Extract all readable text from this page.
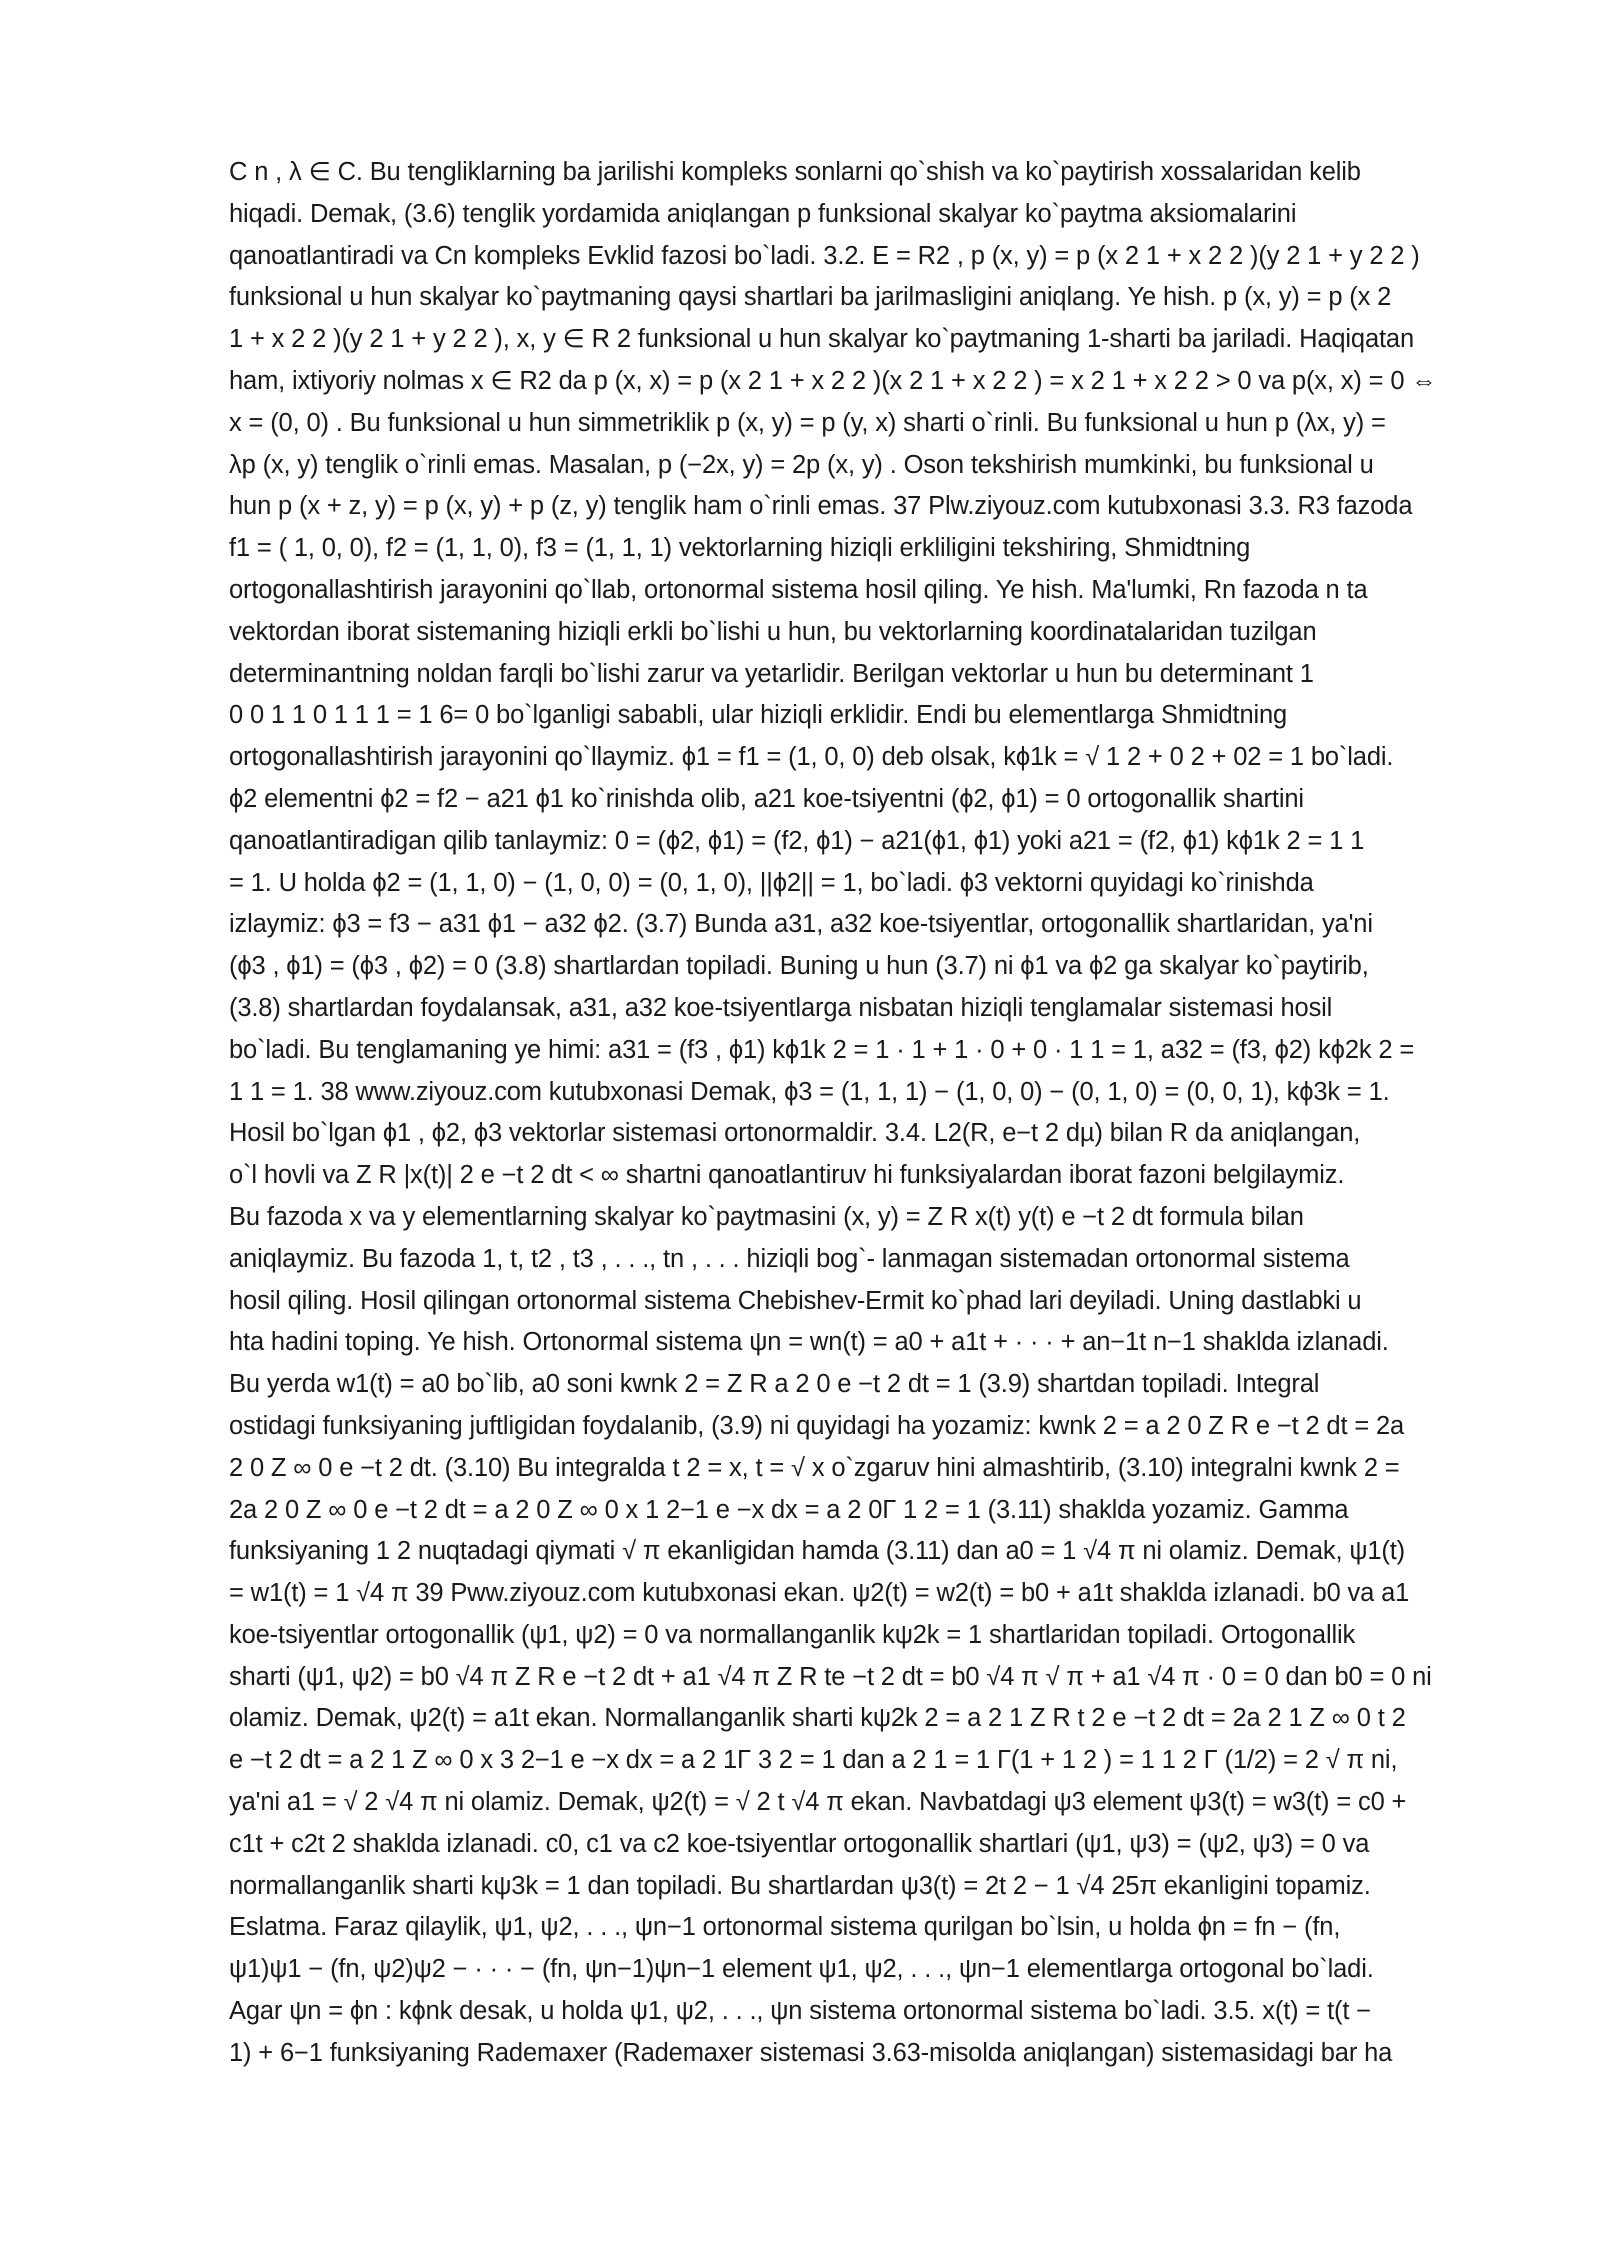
C n , λ ∈ C. Bu tengliklarning ba jarilishi kompleks sonlarni qo`shish va ko`paytirish xossalaridan kelib
hiqadi. Demak, (3.6) tenglik yordamida aniqlangan p funksional skalyar ko`paytma aksiomalarini
qanoatlantiradi va Cn kompleks Evklid fazosi bo`ladi. 3.2. E = R2 , p (x, y) = p (x 2 1 + x 2 2 )(y 2 1 + y 2 2 )
funksional u hun skalyar ko`paytmaning qaysi shartlari ba jarilmasligini aniqlang. Ye hish. p (x, y) = p (x 2
1 + x 2 2 )(y 2 1 + y 2 2 ), x, y ∈ R 2 funksional u hun skalyar ko`paytmaning 1-sharti ba jariladi. Haqiqatan
ham, ixtiyoriy nolmas x ∈ R2 da p (x, x) = p (x 2 1 + x 2 2 )(x 2 1 + x 2 2 ) = x 2 1 + x 2 2 > 0 va p(x, x) = 0 ⇔
x = (0, 0) . Bu funksional u hun simmetriklik p (x, y) = p (y, x) sharti o`rinli. Bu funksional u hun p (λx, y) =
λp (x, y) tenglik o`rinli emas. Masalan, p (−2x, y) = 2p (x, y) . Oson tekshirish mumkinki, bu funksional u
hun p (x + z, y) = p (x, y) + p (z, y) tenglik ham o`rinli emas. 37 Plw.ziyouz.com kutubxonasi 3.3. R3 fazoda
f1 = ( 1, 0, 0), f2 = (1, 1, 0), f3 = (1, 1, 1) vektorlarning hiziqli erkliligini tekshiring, Shmidtning
ortogonallashtirish jarayonini qo`llab, ortonormal sistema hosil qiling. Ye hish. Ma'lumki, Rn fazoda n ta
vektordan iborat sistemaning hiziqli erkli bo`lishi u hun, bu vektorlarning koordinatalaridan tuzilgan
determinantning noldan farqli bo`lishi zarur va yetarlidir. Berilgan vektorlar u hun bu determinant 1
0 0 1 1 0 1 1 1 = 1 6= 0 bo`lganligi sababli, ular hiziqli erklidir. Endi bu elementlarga Shmidtning
ortogonallashtirish jarayonini qo`llaymiz. ϕ1 = f1 = (1, 0, 0) deb olsak, kϕ1k = √ 1 2 + 0 2 + 02 = 1 bo`ladi.
ϕ2 elementni ϕ2 = f2 − a21 ϕ1 ko`rinishda olib, a21 koe-tsiyentni (ϕ2, ϕ1) = 0 ortogonallik shartini
qanoatlantiradigan qilib tanlaymiz: 0 = (ϕ2, ϕ1) = (f2, ϕ1) − a21(ϕ1, ϕ1) yoki a21 = (f2, ϕ1) kϕ1k 2 = 1 1
= 1. U holda ϕ2 = (1, 1, 0) − (1, 0, 0) = (0, 1, 0), ||ϕ2|| = 1, bo`ladi. ϕ3 vektorni quyidagi ko`rinishda
izlaymiz: ϕ3 = f3 − a31 ϕ1 − a32 ϕ2. (3.7) Bunda a31, a32 koe-tsiyentlar, ortogonallik shartlaridan, ya'ni
(ϕ3 , ϕ1) = (ϕ3 , ϕ2) = 0 (3.8) shartlardan topiladi. Buning u hun (3.7) ni ϕ1 va ϕ2 ga skalyar ko`paytirib,
(3.8) shartlardan foydalansak, a31, a32 koe-tsiyentlarga nisbatan hiziqli tenglamalar sistemasi hosil
bo`ladi. Bu tenglamaning ye himi: a31 = (f3 , ϕ1) kϕ1k 2 = 1 · 1 + 1 · 0 + 0 · 1 1 = 1, a32 = (f3, ϕ2) kϕ2k 2 =
1 1 = 1. 38 www.ziyouz.com kutubxonasi Demak, ϕ3 = (1, 1, 1) − (1, 0, 0) − (0, 1, 0) = (0, 0, 1), kϕ3k = 1.
Hosil bo`lgan ϕ1 , ϕ2, ϕ3 vektorlar sistemasi ortonormaldir. 3.4. L2(R, e−t 2 dµ) bilan R da aniqlangan,
o`l hovli va Z R |x(t)| 2 e −t 2 dt < ∞ shartni qanoatlantiruv hi funksiyalardan iborat fazoni belgilaymiz.
Bu fazoda x va y elementlarning skalyar ko`paytmasini (x, y) = Z R x(t) y(t) e −t 2 dt formula bilan
aniqlaymiz. Bu fazoda 1, t, t2 , t3 , . . ., tn , . . . hiziqli bog`- lanmagan sistemadan ortonormal sistema
hosil qiling. Hosil qilingan ortonormal sistema Chebishev-Ermit ko`phad lari deyiladi. Uning dastlabki u
hta hadini toping. Ye hish. Ortonormal sistema ψn = wn(t) = a0 + a1t + · · · + an−1t n−1 shaklda izlanadi.
Bu yerda w1(t) = a0 bo`lib, a0 soni kwnk 2 = Z R a 2 0 e −t 2 dt = 1 (3.9) shartdan topiladi. Integral
ostidagi funksiyaning juftligidan foydalanib, (3.9) ni quyidagi ha yozamiz: kwnk 2 = a 2 0 Z R e −t 2 dt = 2a
2 0 Z ∞ 0 e −t 2 dt. (3.10) Bu integralda t 2 = x, t = √ x o`zgaruv hini almashtirib, (3.10) integralni kwnk 2 =
2a 2 0 Z ∞ 0 e −t 2 dt = a 2 0 Z ∞ 0 x 1 2−1 e −x dx = a 2 0Γ 1 2 = 1 (3.11) shaklda yozamiz. Gamma
funksiyaning 1 2 nuqtadagi qiymati √ π ekanligidan hamda (3.11) dan a0 = 1 √4 π ni olamiz. Demak, ψ1(t)
= w1(t) = 1 √4 π 39 Pww.ziyouz.com kutubxonasi ekan. ψ2(t) = w2(t) = b0 + a1t shaklda izlanadi. b0 va a1
koe-tsiyentlar ortogonallik (ψ1, ψ2) = 0 va normallanganlik kψ2k = 1 shartlaridan topiladi. Ortogonallik
sharti (ψ1, ψ2) = b0 √4 π Z R e −t 2 dt + a1 √4 π Z R te −t 2 dt = b0 √4 π √ π + a1 √4 π · 0 = 0 dan b0 = 0 ni
olamiz. Demak, ψ2(t) = a1t ekan. Normallanganlik sharti kψ2k 2 = a 2 1 Z R t 2 e −t 2 dt = 2a 2 1 Z ∞ 0 t 2
e −t 2 dt = a 2 1 Z ∞ 0 x 3 2−1 e −x dx = a 2 1Γ 3 2 = 1 dan a 2 1 = 1 Γ(1 + 1 2 ) = 1 1 2 Γ (1/2) = 2 √ π ni,
ya'ni a1 = √ 2 √4 π ni olamiz. Demak, ψ2(t) = √ 2 t √4 π ekan. Navbatdagi ψ3 element ψ3(t) = w3(t) = c0 +
c1t + c2t 2 shaklda izlanadi. c0, c1 va c2 koe-tsiyentlar ortogonallik shartlari (ψ1, ψ3) = (ψ2, ψ3) = 0 va
normallanganlik sharti kψ3k = 1 dan topiladi. Bu shartlardan ψ3(t) = 2t 2 − 1 √4 25π ekanligini topamiz.
Eslatma. Faraz qilaylik, ψ1, ψ2, . . ., ψn−1 ortonormal sistema qurilgan bo`lsin, u holda ϕn = fn − (fn,
ψ1)ψ1 − (fn, ψ2)ψ2 − · · · − (fn, ψn−1)ψn−1 element ψ1, ψ2, . . ., ψn−1 elementlarga ortogonal bo`ladi.
Agar ψn = ϕn : kϕnk desak, u holda ψ1, ψ2, . . ., ψn sistema ortonormal sistema bo`ladi. 3.5. x(t) = t(t −
1) + 6−1 funksiyaning Rademaxer (Rademaxer sistemasi 3.63-misolda aniqlangan) sistemasidagi bar ha
